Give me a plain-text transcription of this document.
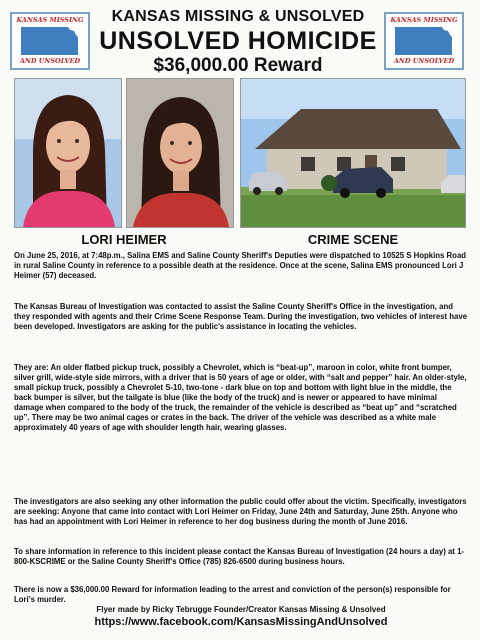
KANSAS MISSING
AND UNSOLVED
KANSAS MISSING
AND UNSOLVED
KANSAS MISSING & UNSOLVED
UNSOLVED HOMICIDE
$36,000.00 Reward
LORI HEIMER	CRIME SCENE
On June 25, 2016, at 7:48p.m., Salina EMS and Saline County Sheriff's Deputies were dispatched to 10525 S Hopkins Road in rural Saline County in reference to a possible death at the residence. Once at the scene, Salina EMS pronounced Lori J Heimer (57) deceased.
The Kansas Bureau of Investigation was contacted to assist the Saline County Sheriff's Office in the investigation, and they responded with agents and their Crime Scene Response Team. During the investigation, two vehicles of interest have been developed. Investigators are asking for the public's assistance in locating the vehicles.
They are: An older flatbed pickup truck, possibly a Chevrolet, which is “beat-up”, maroon in color, white front bumper, silver grill, wide-style side mirrors, with a driver that is 50 years of age or older, with “salt and pepper” hair. An older-style, small pickup truck, possibly a Chevrolet S-10, two-tone - dark blue on top and bottom with light blue in the middle, the back bumper is silver, but the tailgate is blue (like the body of the truck) and is newer or appeared to have minimal damage when compared to the body of the truck, the remainder of the vehicle is described as “beat up” and “scratched up”. There may be two animal cages or crates in the back. The driver of the vehicle was described as a white male approximately 40 years of age with shoulder length hair, wearing glasses.
The investigators are also seeking any other information the public could offer about the victim. Specifically, investigators are seeking: Anyone that came into contact with Lori Heimer on Friday, June 24th and Saturday, June 25th. Anyone who has had an appointment with Lori Heimer in reference to her dog business during the month of June 2016.
To share information in reference to this incident please contact the Kansas Bureau of Investigation (24 hours a day) at 1-800-KSCRIME or the Saline County Sheriff's Office (785) 826-6500 during business hours.
There is now a $36,000.00 Reward for information leading to the arrest and conviction of the person(s) responsible for Lori's murder.
Flyer made by Ricky Tebrugge Founder/Creator Kansas Missing & Unsolved
https://www.facebook.com/KansasMissingAndUnsolved
